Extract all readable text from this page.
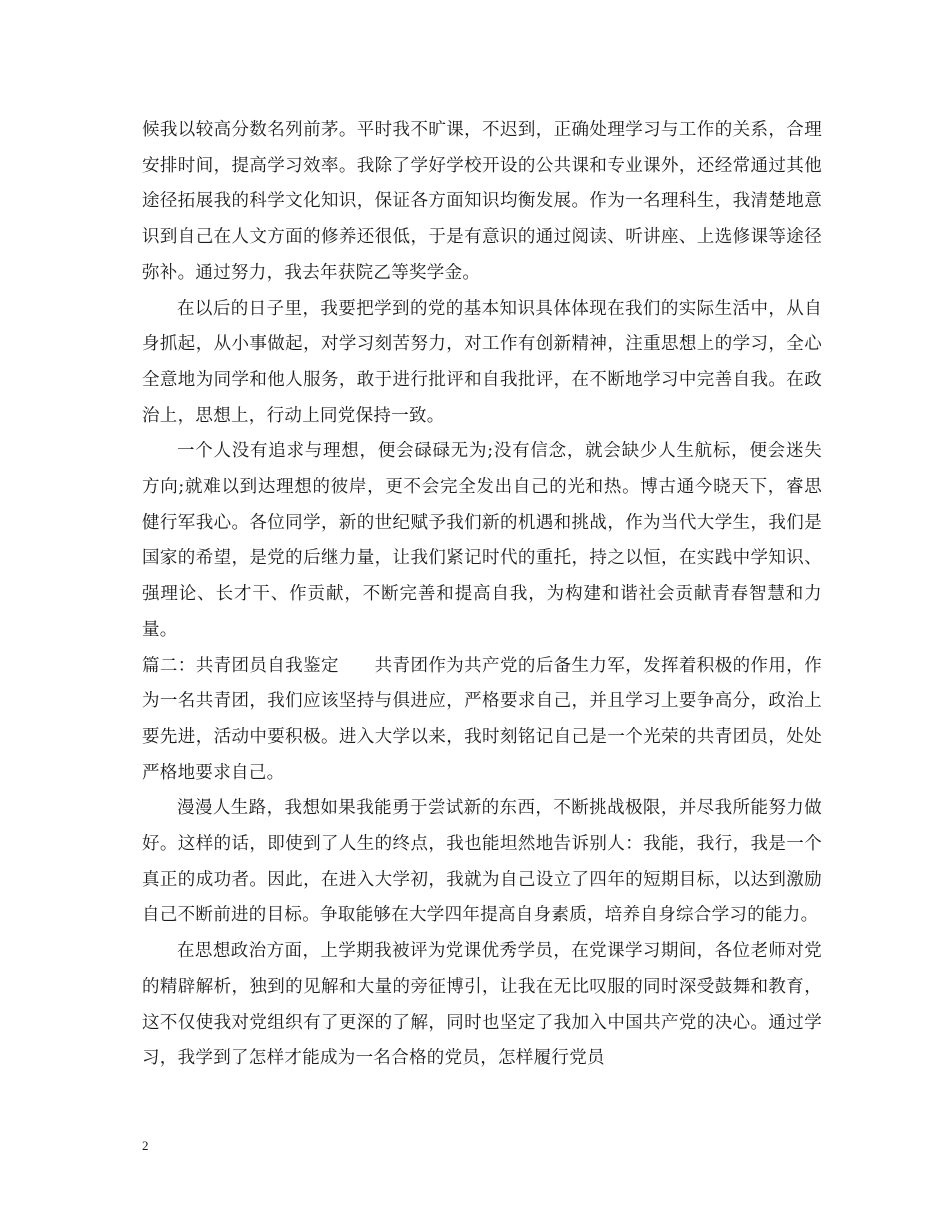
候我以较高分数名列前茅。平时我不旷课，不迟到，正确处理学习与工作的关系，合理安排时间，提高学习效率。我除了学好学校开设的公共课和专业课外，还经常通过其他途径拓展我的科学文化知识，保证各方面知识均衡发展。作为一名理科生，我清楚地意识到自己在人文方面的修养还很低，于是有意识的通过阅读、听讲座、上选修课等途径弥补。通过努力，我去年获院乙等奖学金。

在以后的日子里，我要把学到的党的基本知识具体体现在我们的实际生活中，从自身抓起，从小事做起，对学习刻苦努力，对工作有创新精神，注重思想上的学习，全心全意地为同学和他人服务，敢于进行批评和自我批评，在不断地学习中完善自我。在政治上，思想上，行动上同党保持一致。

一个人没有追求与理想，便会碌碌无为;没有信念，就会缺少人生航标，便会迷失方向;就难以到达理想的彼岸，更不会完全发出自己的光和热。博古通今晓天下，睿思健行军我心。各位同学，新的世纪赋予我们新的机遇和挑战，作为当代大学生，我们是国家的希望，是党的后继力量，让我们紧记时代的重托，持之以恒，在实践中学知识、强理论、长才干、作贡献，不断完善和提高自我，为构建和谐社会贡献青春智慧和力量。

篇二：共青团员自我鉴定　　共青团作为共产党的后备生力军，发挥着积极的作用，作为一名共青团，我们应该坚持与俱进应，严格要求自己，并且学习上要争高分，政治上要先进，活动中要积极。进入大学以来，我时刻铭记自己是一个光荣的共青团员，处处严格地要求自己。

漫漫人生路，我想如果我能勇于尝试新的东西，不断挑战极限，并尽我所能努力做好。这样的话，即使到了人生的终点，我也能坦然地告诉别人：我能，我行，我是一个真正的成功者。因此，在进入大学初，我就为自己设立了四年的短期目标，以达到激励自己不断前进的目标。争取能够在大学四年提高自身素质，培养自身综合学习的能力。

在思想政治方面，上学期我被评为党课优秀学员，在党课学习期间，各位老师对党的精辟解析，独到的见解和大量的旁征博引，让我在无比叹服的同时深受鼓舞和教育，这不仅使我对党组织有了更深的了解，同时也坚定了我加入中国共产党的决心。通过学习，我学到了怎样才能成为一名合格的党员，怎样履行党员

2
